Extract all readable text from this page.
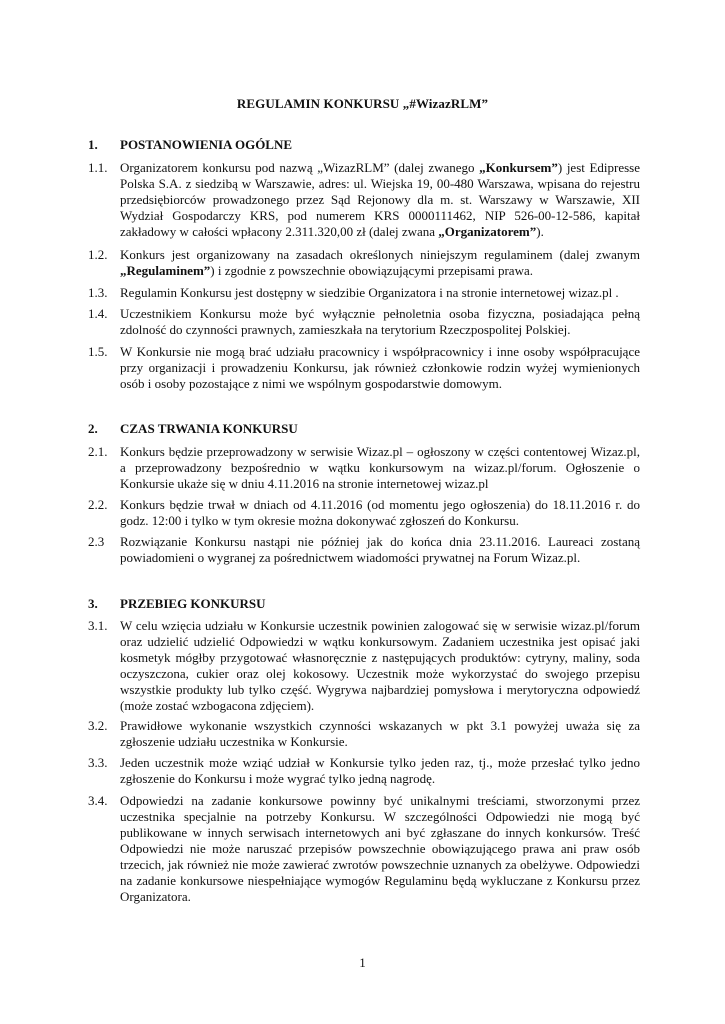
REGULAMIN KONKURSU „#WizazRLM”
1. POSTANOWIENIA OGÓLNE
1.1. Organizatorem konkursu pod nazwą „WizazRLM” (dalej zwanego „Konkursem”) jest Edipresse Polska S.A. z siedzibą w Warszawie, adres: ul. Wiejska 19, 00-480 Warszawa, wpisana do rejestru przedsiębiorców prowadzonego przez Sąd Rejonowy dla m. st. Warszawy w Warszawie, XII Wydział Gospodarczy KRS, pod numerem KRS 0000111462, NIP 526-00-12-586, kapitał zakładowy w całości wpłacony 2.311.320,00 zł (dalej zwana „Organizatorem”).
1.2. Konkurs jest organizowany na zasadach określonych niniejszym regulaminem (dalej zwanym „Regulaminem”) i zgodnie z powszechnie obowiązującymi przepisami prawa.
1.3. Regulamin Konkursu jest dostępny w siedzibie Organizatora i na stronie internetowej wizaz.pl .
1.4. Uczestnikiem Konkursu może być wyłącznie pełnoletnia osoba fizyczna, posiadająca pełną zdolność do czynności prawnych, zamieszkała na terytorium Rzeczpospolitej Polskiej.
1.5. W Konkursie nie mogą brać udziału pracownicy i współpracownicy i inne osoby współpracujące przy organizacji i prowadzeniu Konkursu, jak również członkowie rodzin wyżej wymienionych osób i osoby pozostające z nimi we wspólnym gospodarstwie domowym.
2. CZAS TRWANIA KONKURSU
2.1. Konkurs będzie przeprowadzony w serwisie Wizaz.pl – ogłoszony w części contentowej Wizaz.pl, a przeprowadzony bezpośrednio w wątku konkursowym na wizaz.pl/forum. Ogłoszenie o Konkursie ukaże się w dniu 4.11.2016 na stronie internetowej wizaz.pl
2.2. Konkurs będzie trwał w dniach od 4.11.2016 (od momentu jego ogłoszenia) do 18.11.2016 r. do godz. 12:00 i tylko w tym okresie można dokonywać zgłoszeń do Konkursu.
2.3	Rozwiązanie Konkursu nastąpi nie później jak do końca dnia 23.11.2016. Laureaci zostaną powiadomieni o wygranej za pośrednictwem wiadomości prywatnej na Forum Wizaz.pl.
3. PRZEBIEG KONKURSU
3.1. W celu wzięcia udziału w Konkursie uczestnik powinien zalogować się w serwisie wizaz.pl/forum oraz udzielić udzielić Odpowiedzi w wątku konkursowym. Zadaniem uczestnika jest opisać jaki kosmetyk mógłby przygotować własnoręcznie z następujących produktów: cytryny, maliny, soda oczyszczona, cukier oraz olej kokosowy. Uczestnik może wykorzystać do swojego przepisu wszystkie produkty lub tylko część. Wygrywa najbardziej pomysłowa i merytoryczna odpowiedź (może zostać wzbogacona zdjęciem).
3.2. Prawidłowe wykonanie wszystkich czynności wskazanych w pkt 3.1 powyżej uważa się za zgłoszenie udziału uczestnika w Konkursie.
3.3. Jeden uczestnik może wziąć udział w Konkursie tylko jeden raz, tj., może przesłać tylko jedno zgłoszenie do Konkursu i może wygrać tylko jedną nagrodę.
3.4. Odpowiedzi na zadanie konkursowe powinny być unikalnymi treściami, stworzonymi przez uczestnika specjalnie na potrzeby Konkursu. W szczególności Odpowiedzi nie mogą być publikowane w innych serwisach internetowych ani być zgłaszane do innych konkursów. Treść Odpowiedzi nie może naruszać przepisów powszechnie obowiązującego prawa ani praw osób trzecich, jak również nie może zawierać zwrotów powszechnie uznanych za obelżywe. Odpowiedzi na zadanie konkursowe niespełniające wymogów Regulaminu będą wykluczane z Konkursu przez Organizatora.
1
